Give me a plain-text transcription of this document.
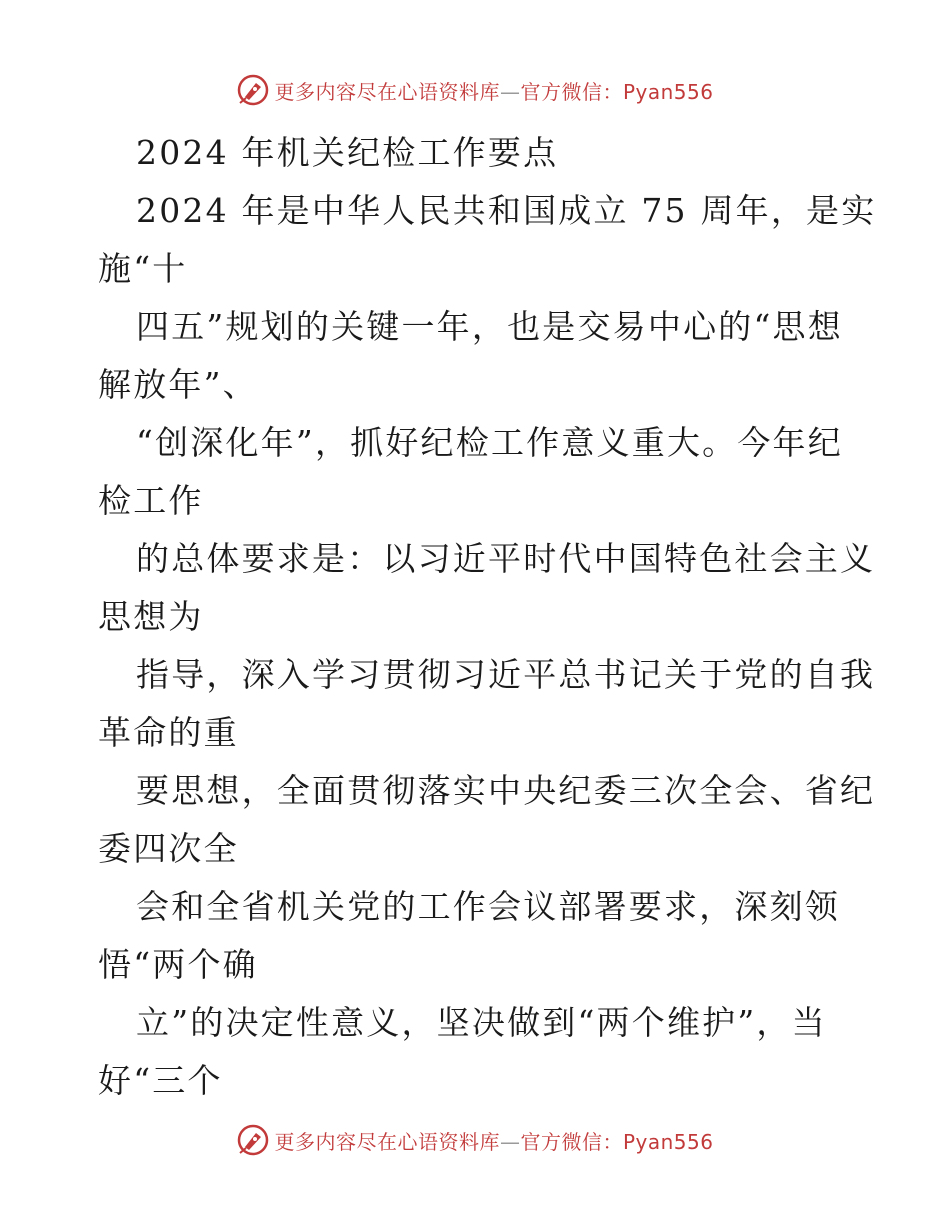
更多内容尽在心语资料库—官方微信：Pyan556
2024 年机关纪检工作要点
2024 年是中华人民共和国成立 75 周年，是实
施“十
四五”规划的关键一年，也是交易中心的“思想
解放年”、
“创深化年”，抓好纪检工作意义重大。今年纪
检工作
的总体要求是：以习近平时代中国特色社会主义
思想为
指导，深入学习贯彻习近平总书记关于党的自我
革命的重
要思想，全面贯彻落实中央纪委三次全会、省纪
委四次全
会和全省机关党的工作会议部署要求，深刻领
悟“两个确
立”的决定性意义，坚决做到“两个维护”，当
好“三个
更多内容尽在心语资料库—官方微信：Pyan556
